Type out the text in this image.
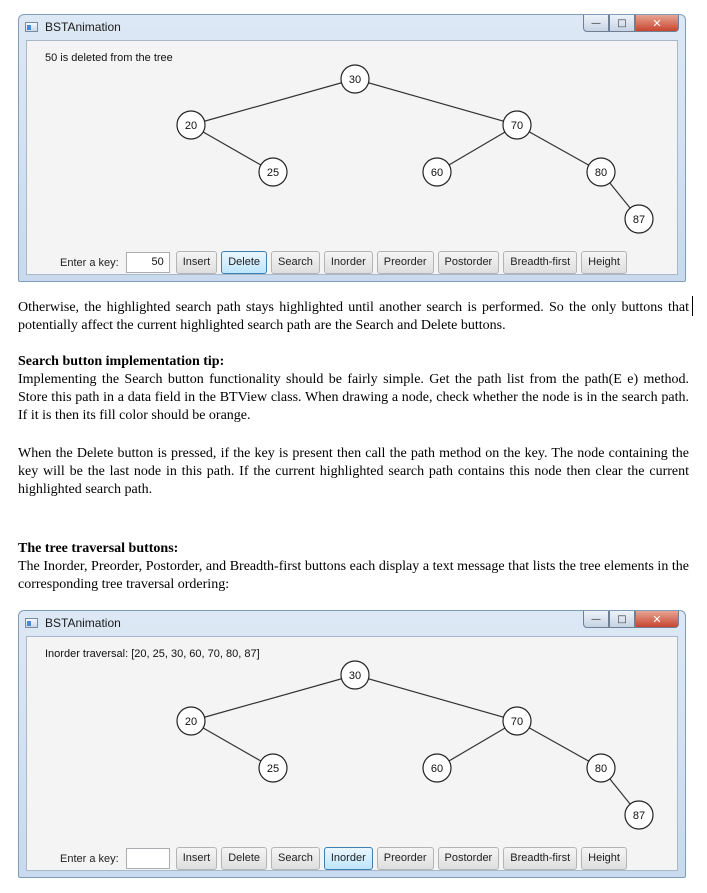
BSTAnimation	—	□	✕
50 is deleted from the tree
30
20	70
25	60	80
87
Enter a key:	50	Insert	Delete	Search	Inorder	Preorder	Postorder	Breadth-first	Height

Otherwise, the highlighted search path stays highlighted until another search is performed. So the only buttons that potentially affect the current highlighted search path are the Search and Delete buttons.

Search button implementation tip:

Implementing the Search button functionality should be fairly simple. Get the path list from the path(E e) method. Store this path in a data field in the BTView class. When drawing a node, check whether the node is in the search path. If it is then its fill color should be orange.

When the Delete button is pressed, if the key is present then call the path method on the key. The node containing the key will be the last node in this path. If the current highlighted search path contains this node then clear the current highlighted search path.

The tree traversal buttons:

The Inorder, Preorder, Postorder, and Breadth-first buttons each display a text message that lists the tree elements in the corresponding tree traversal ordering:

BSTAnimation	—	□	✕
Inorder traversal: [20, 25, 30, 60, 70, 80, 87]
30
20	70
25	60	80
87
Enter a key:	Insert	Delete	Search	Inorder	Preorder	Postorder	Breadth-first	Height
